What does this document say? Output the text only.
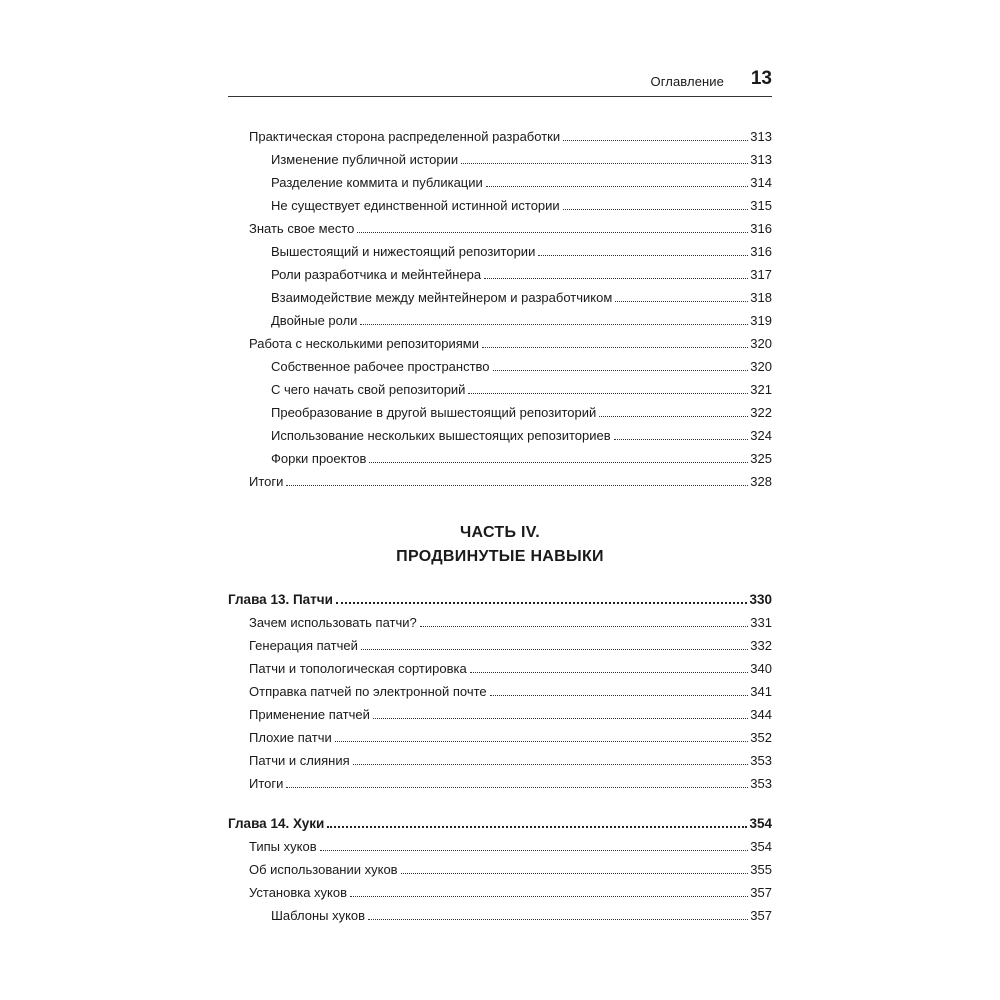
Оглавление 13
Практическая сторона распределенной разработки	313
Изменение публичной истории	313
Разделение коммита и публикации	314
Не существует единственной истинной истории	315
Знать свое место	316
Вышестоящий и нижестоящий репозитории	316
Роли разработчика и мейнтейнера	317
Взаимодействие между мейнтейнером и разработчиком	318
Двойные роли	319
Работа с несколькими репозиториями	320
Собственное рабочее пространство	320
С чего начать свой репозиторий	321
Преобразование в другой вышестоящий репозиторий	322
Использование нескольких вышестоящих репозиториев	324
Форки проектов	325
Итоги	328
ЧАСТЬ IV.
ПРОДВИНУТЫЕ НАВЫКИ
Глава 13. Патчи	330
Зачем использовать патчи?	331
Генерация патчей	332
Патчи и топологическая сортировка	340
Отправка патчей по электронной почте	341
Применение патчей	344
Плохие патчи	352
Патчи и слияния	353
Итоги	353
Глава 14. Хуки	354
Типы хуков	354
Об использовании хуков	355
Установка хуков	357
Шаблоны хуков	357
